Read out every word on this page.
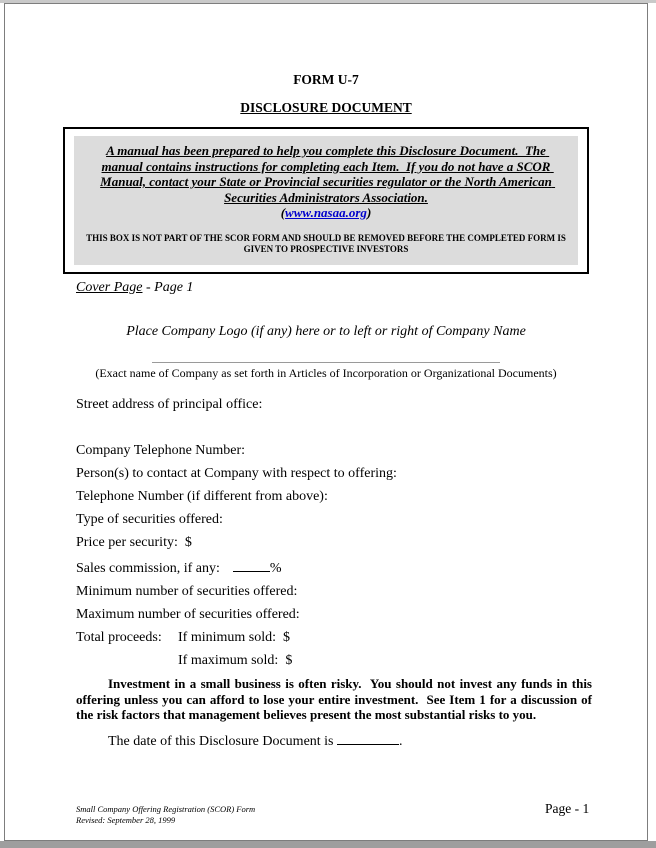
FORM U-7
DISCLOSURE DOCUMENT

A manual has been prepared to help you complete this Disclosure Document.  The manual contains instructions for completing each Item.  If you do not have a SCOR Manual, contact your State or Provincial securities regulator or the North American Securities Administrators Association.

(www.nasaa.org)
THIS BOX IS NOT PART OF THE SCOR FORM AND SHOULD BE REMOVED BEFORE THE COMPLETED FORM IS GIVEN TO PROSPECTIVE INVESTORS
Cover Page - Page 1
Place Company Logo (if any) here or to left or right of Company Name
(Exact name of Company as set forth in Articles of Incorporation or Organizational Documents)
Street address of principal office:
Company Telephone Number:
Person(s) to contact at Company with respect to offering:
Telephone Number (if different from above):
Type of securities offered:
Price per security:  $
Sales commission, if any:	%
Minimum number of securities offered:
Maximum number of securities offered:
Total proceeds: If minimum sold:  $
If maximum sold:  $

Investment in a small business is often risky.  You should not invest any funds in this offering unless you can afford to lose your entire investment.  See Item 1 for a discussion of the risk factors that management believes present the most substantial risks to you.

The date of this Disclosure Document is	.
Small Company Offering Registration (SCOR) Form
Revised: September 28, 1999
Page - 1
